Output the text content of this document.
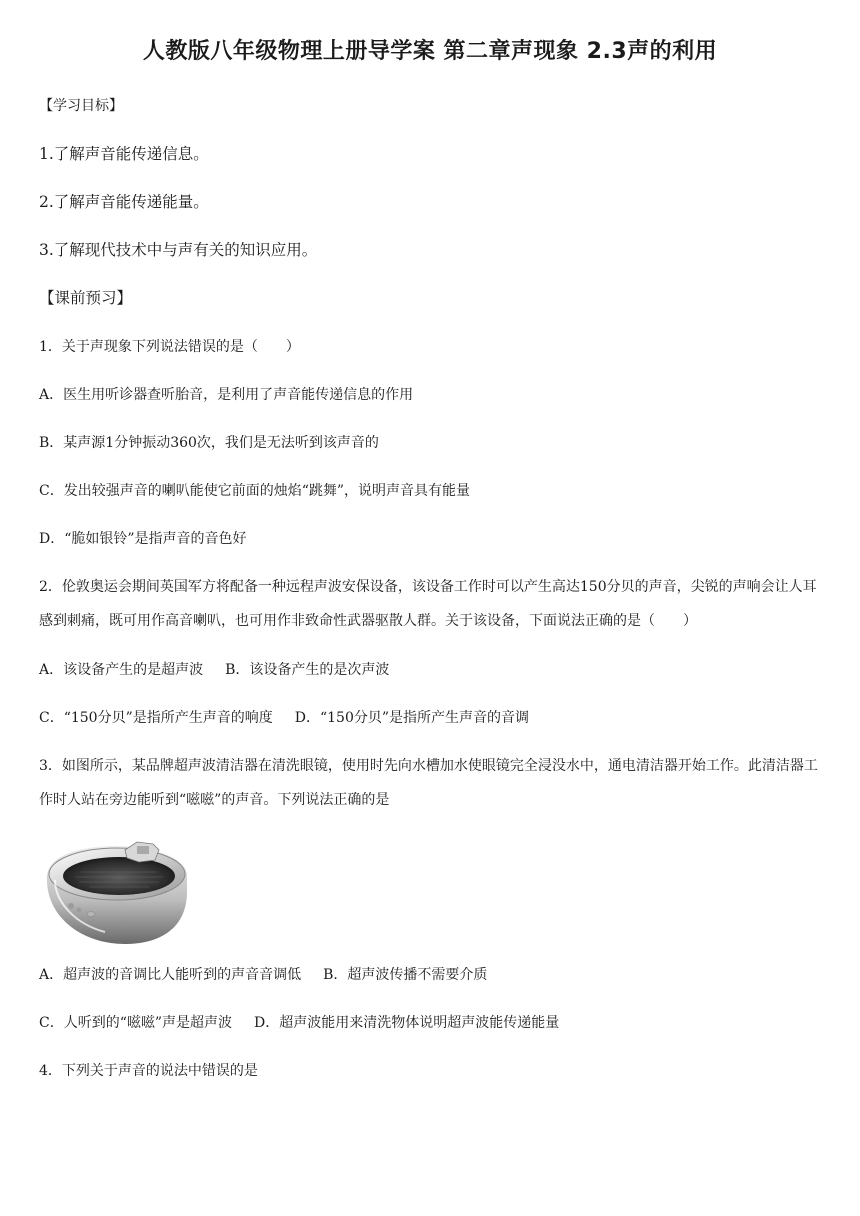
人教版八年级物理上册导学案 第二章声现象 2.3声的利用
【学习目标】
1.了解声音能传递信息。
2.了解声音能传递能量。
3.了解现代技术中与声有关的知识应用。
【课前预习】
1．关于声现象下列说法错误的是（　　）
A．医生用听诊器查听胎音，是利用了声音能传递信息的作用
B．某声源1分钟振动360次，我们是无法听到该声音的
C．发出较强声音的喇叭能使它前面的烛焰“跳舞”，说明声音具有能量
D．“脆如银铃”是指声音的音色好
2．伦敦奥运会期间英国军方将配备一种远程声波安保设备，该设备工作时可以产生高达150分贝的声音，尖锐的声响会让人耳感到刺痛，既可用作高音喇叭，也可用作非致命性武器驱散人群。关于该设备，下面说法正确的是（　　）
A．该设备产生的是超声波 B．该设备产生的是次声波
C．“150分贝”是指所产生声音的响度 D．“150分贝”是指所产生声音的音调
3．如图所示，某品牌超声波清洁器在清洗眼镜，使用时先向水槽加水使眼镜完全浸没水中，通电清洁器开始工作。此清洁器工作时人站在旁边能听到“嗞嗞”的声音。下列说法正确的是
A．超声波的音调比人能听到的声音音调低 B．超声波传播不需要介质
C．人听到的“嗞嗞”声是超声波 D．超声波能用来清洗物体说明超声波能传递能量
4．下列关于声音的说法中错误的是
